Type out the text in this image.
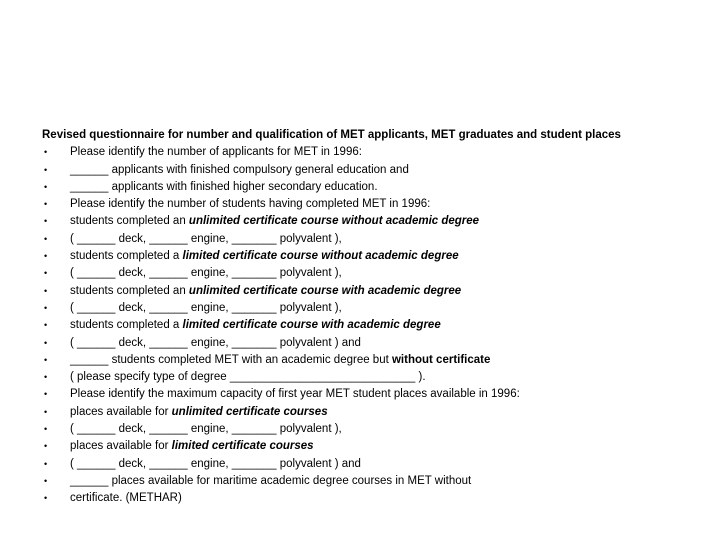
Revised questionnaire for number and qualification of MET applicants, MET graduates and student places
• Please identify the number of applicants for MET in 1996:
• ______ applicants with finished compulsory general education and
• ______ applicants with finished higher secondary education.
• Please identify the number of students having completed MET in 1996:
• students completed an unlimited certificate course without academic degree
• ( ______ deck, ______ engine, _______ polyvalent ),
• students completed a limited certificate course without academic degree
• ( ______ deck, ______ engine, _______ polyvalent ),
• students completed an unlimited certificate course with academic degree
• ( ______ deck, ______ engine, _______ polyvalent ),
• students completed a limited certificate course with academic degree
• ( ______ deck, ______ engine, _______ polyvalent ) and
• ______ students completed MET with an academic degree but without certificate
• ( please specify type of degree _____________________________ ).
• Please identify the maximum capacity of first year MET student places available in 1996:
• places available for unlimited certificate courses
• ( ______ deck, ______ engine, _______ polyvalent ),
• places available for limited certificate courses
• ( ______ deck, ______ engine, _______ polyvalent ) and
• ______ places available for maritime academic degree courses in MET without
• certificate. (METHAR)
